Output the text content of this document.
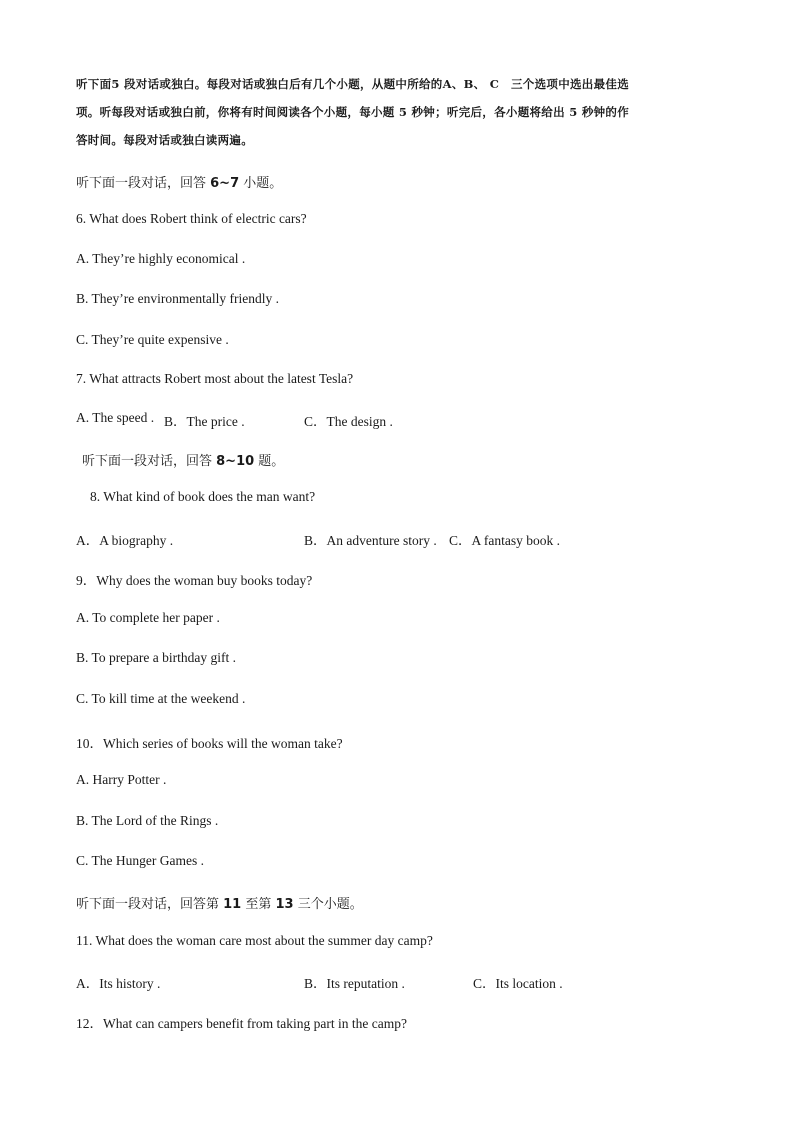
听下面5 段对话或独白。每段对话或独白后有几个小题，从题中所给的A、B、 C　三个选项中选出最佳选
项。听每段对话或独白前，你将有时间阅读各个小题，每小题 5 秒钟；听完后，各小题将给出 5 秒钟的作
答时间。每段对话或独白读两遍。
听下面一段对话，回答 6~7 小题。
6. What does Robert think of electric cars?
A. They’re highly economical .
B. They’re environmentally friendly .
C. They’re quite expensive .
7. What attracts Robert most about the latest Tesla?
A. The speed . B．The price .	C．The design .
听下面一段对话，回答 8~10 题。
8. What kind of book does the man want?
A．A biography .	B．An adventure story . C．A fantasy book .
9．Why does the woman buy books today?
A. To complete her paper .
B. To prepare a birthday gift .
C. To kill time at the weekend .
10．Which series of books will the woman take?
A. Harry Potter .
B. The Lord of the Rings .
C. The Hunger Games .
听下面一段对话，回答第 11 至第 13 三个小题。
11. What does the woman care most about the summer day camp?
A．Its history .	B．Its reputation .	C．Its location .
12．What can campers benefit from taking part in the camp?
